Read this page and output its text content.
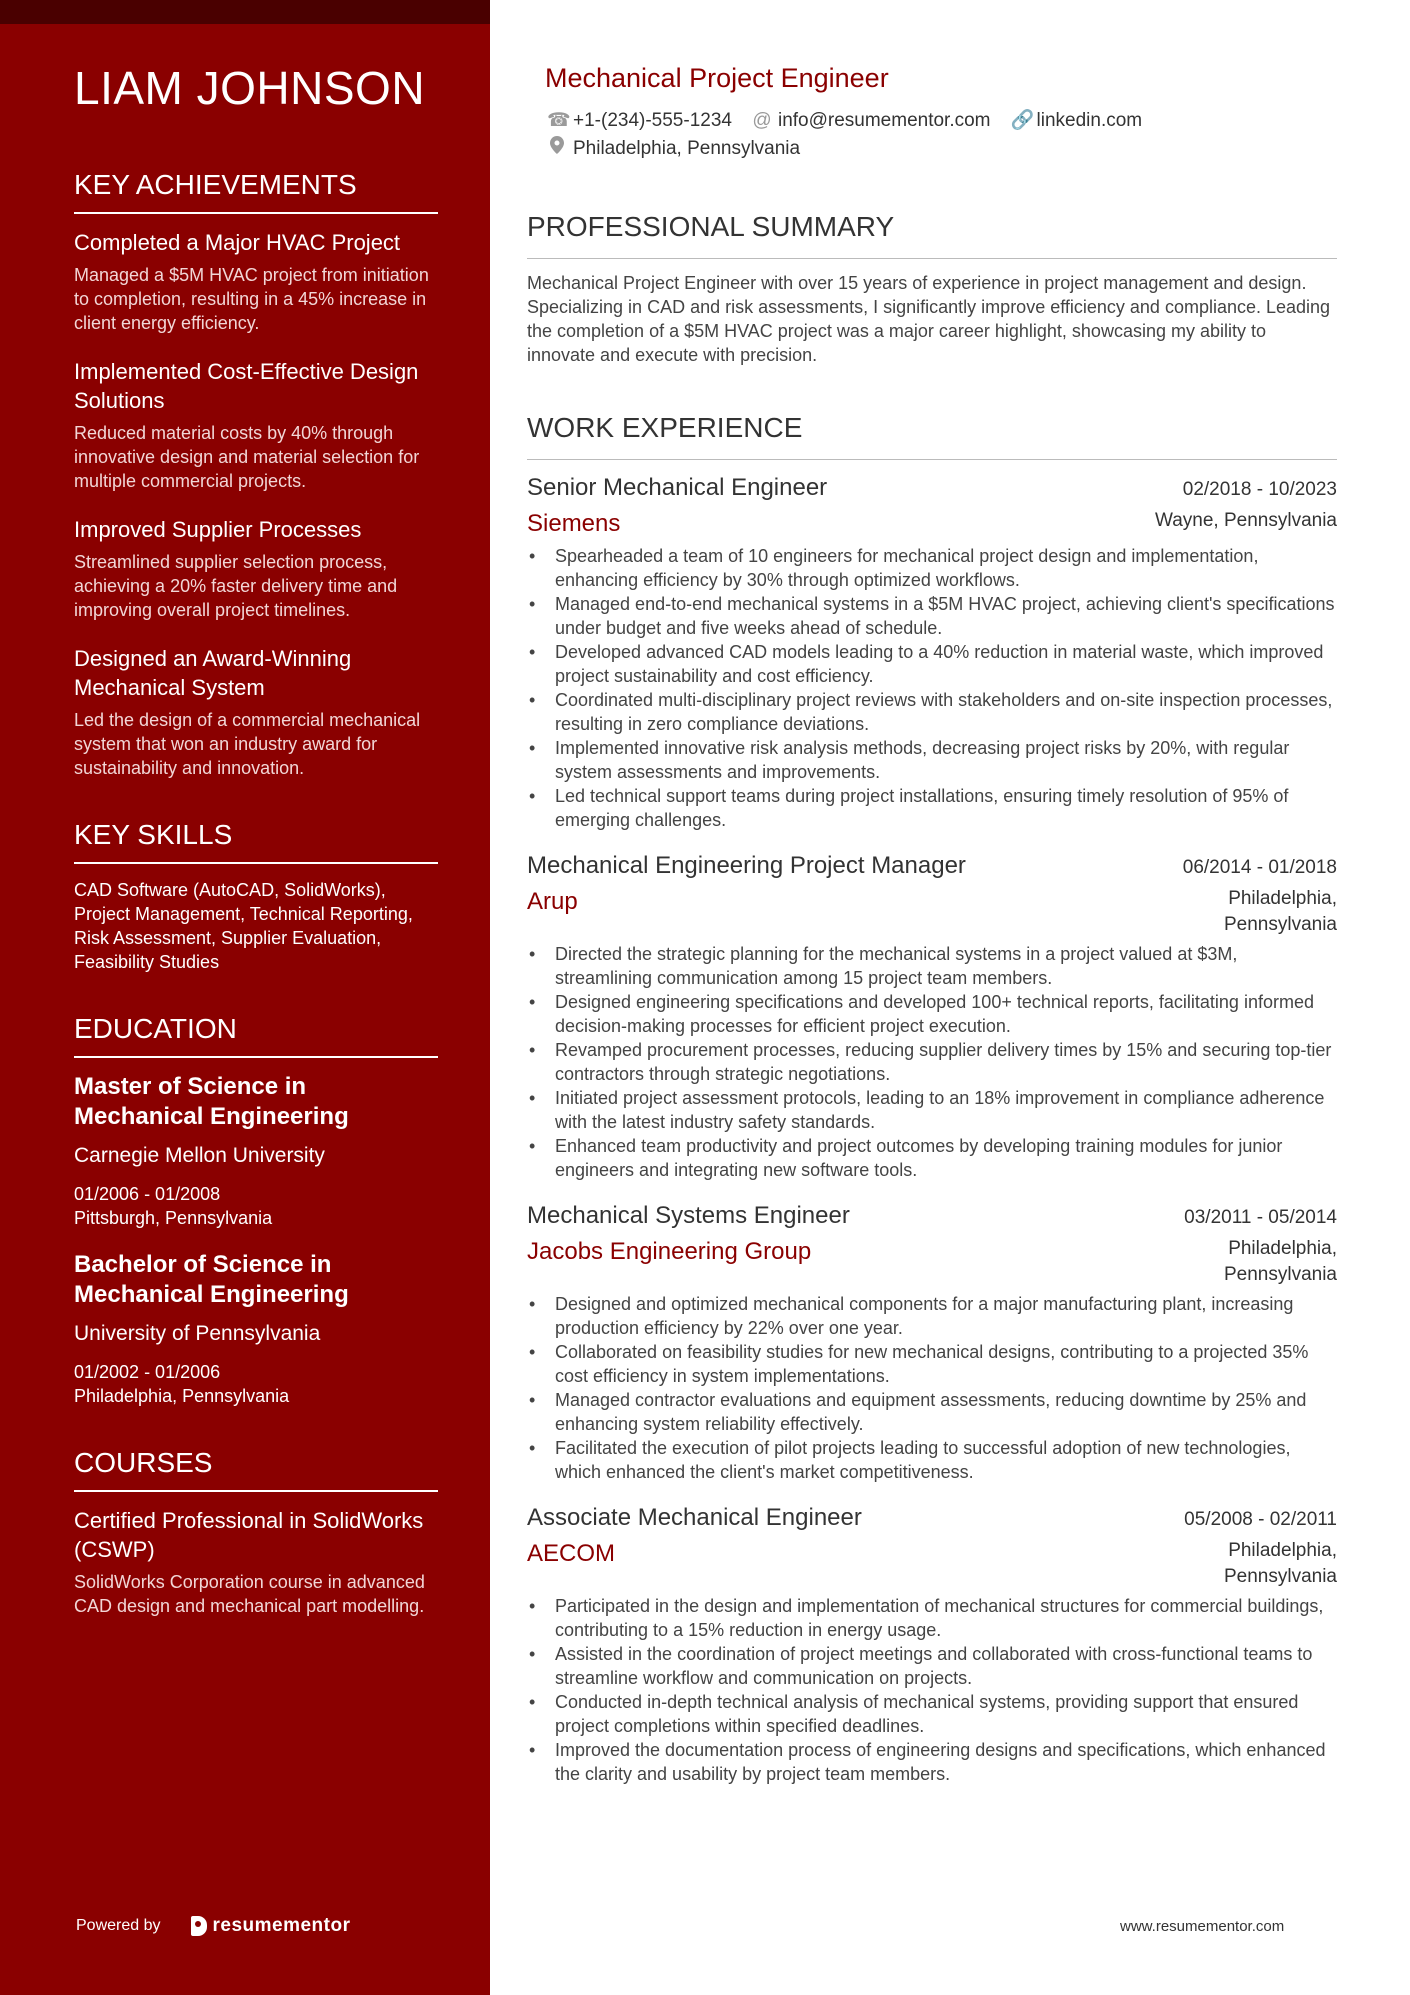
LIAM JOHNSON
KEY ACHIEVEMENTS
Completed a Major HVAC Project
Managed a $5M HVAC project from initiation to completion, resulting in a 45% increase in client energy efficiency.
Implemented Cost-Effective Design Solutions
Reduced material costs by 40% through innovative design and material selection for multiple commercial projects.
Improved Supplier Processes
Streamlined supplier selection process, achieving a 20% faster delivery time and improving overall project timelines.
Designed an Award-Winning Mechanical System
Led the design of a commercial mechanical system that won an industry award for sustainability and innovation.
KEY SKILLS
CAD Software (AutoCAD, SolidWorks), Project Management, Technical Reporting, Risk Assessment, Supplier Evaluation, Feasibility Studies
EDUCATION
Master of Science in Mechanical Engineering
Carnegie Mellon University
01/2006 - 01/2008
Pittsburgh, Pennsylvania
Bachelor of Science in Mechanical Engineering
University of Pennsylvania
01/2002 - 01/2006
Philadelphia, Pennsylvania
COURSES
Certified Professional in SolidWorks (CSWP)
SolidWorks Corporation course in advanced CAD design and mechanical part modelling.
Powered by	resumementor
Mechanical Project Engineer
☎ +1-(234)-555-1234 @ info@resumementor.com 🔗 linkedin.com
Philadelphia, Pennsylvania
PROFESSIONAL SUMMARY
Mechanical Project Engineer with over 15 years of experience in project management and design. Specializing in CAD and risk assessments, I significantly improve efficiency and compliance. Leading the completion of a $5M HVAC project was a major career highlight, showcasing my ability to innovate and execute with precision.
WORK EXPERIENCE
Senior Mechanical Engineer	02/2018 - 10/2023
Siemens	Wayne, Pennsylvania
• Spearheaded a team of 10 engineers for mechanical project design and implementation, enhancing efficiency by 30% through optimized workflows.
• Managed end-to-end mechanical systems in a $5M HVAC project, achieving client's specifications under budget and five weeks ahead of schedule.
• Developed advanced CAD models leading to a 40% reduction in material waste, which improved project sustainability and cost efficiency.
• Coordinated multi-disciplinary project reviews with stakeholders and on-site inspection processes, resulting in zero compliance deviations.
• Implemented innovative risk analysis methods, decreasing project risks by 20%, with regular system assessments and improvements.
• Led technical support teams during project installations, ensuring timely resolution of 95% of emerging challenges.
Mechanical Engineering Project Manager	06/2014 - 01/2018
Arup	Philadelphia, Pennsylvania
• Directed the strategic planning for the mechanical systems in a project valued at $3M, streamlining communication among 15 project team members.
• Designed engineering specifications and developed 100+ technical reports, facilitating informed decision-making processes for efficient project execution.
• Revamped procurement processes, reducing supplier delivery times by 15% and securing top-tier contractors through strategic negotiations.
• Initiated project assessment protocols, leading to an 18% improvement in compliance adherence with the latest industry safety standards.
• Enhanced team productivity and project outcomes by developing training modules for junior engineers and integrating new software tools.
Mechanical Systems Engineer	03/2011 - 05/2014
Jacobs Engineering Group	Philadelphia, Pennsylvania
• Designed and optimized mechanical components for a major manufacturing plant, increasing production efficiency by 22% over one year.
• Collaborated on feasibility studies for new mechanical designs, contributing to a projected 35% cost efficiency in system implementations.
• Managed contractor evaluations and equipment assessments, reducing downtime by 25% and enhancing system reliability effectively.
• Facilitated the execution of pilot projects leading to successful adoption of new technologies, which enhanced the client's market competitiveness.
Associate Mechanical Engineer	05/2008 - 02/2011
AECOM	Philadelphia, Pennsylvania
• Participated in the design and implementation of mechanical structures for commercial buildings, contributing to a 15% reduction in energy usage.
• Assisted in the coordination of project meetings and collaborated with cross-functional teams to streamline workflow and communication on projects.
• Conducted in-depth technical analysis of mechanical systems, providing support that ensured project completions within specified deadlines.
• Improved the documentation process of engineering designs and specifications, which enhanced the clarity and usability by project team members.
www.resumementor.com
